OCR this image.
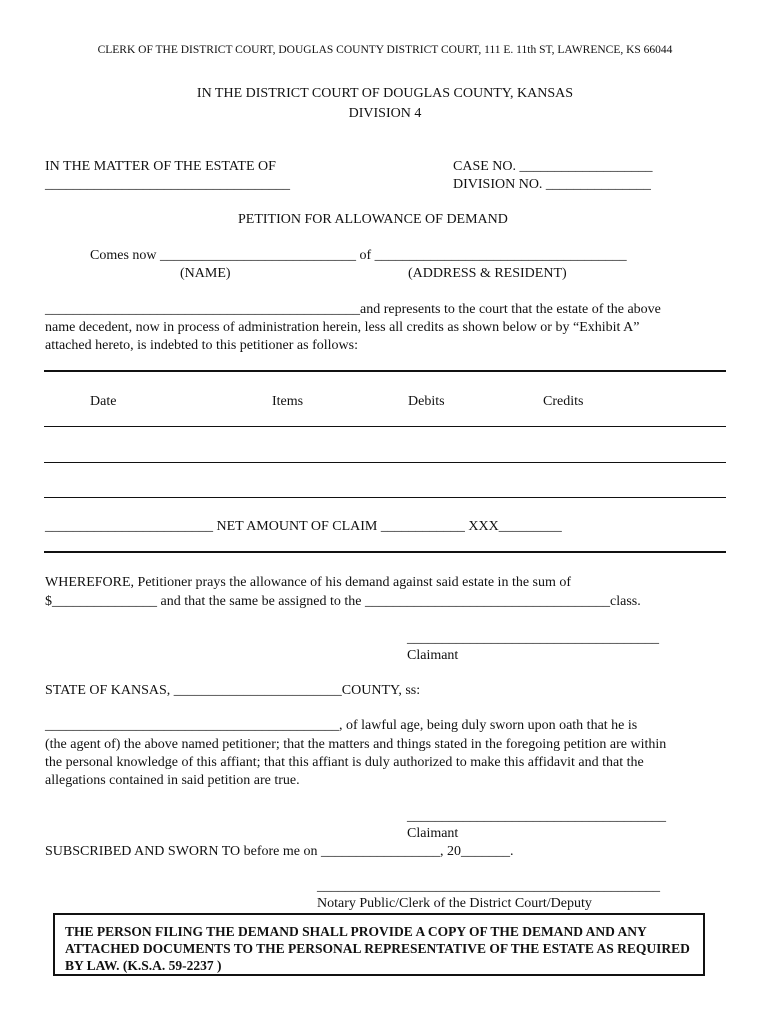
CLERK OF THE DISTRICT COURT, DOUGLAS COUNTY DISTRICT COURT, 111 E. 11th ST, LAWRENCE, KS 66044
IN THE DISTRICT COURT OF DOUGLAS COUNTY, KANSAS
DIVISION 4
IN THE MATTER OF THE ESTATE OF
___________________________________
CASE NO. ___________________
DIVISION NO. _______________
PETITION FOR ALLOWANCE OF DEMAND
Comes now ____________________________ of ____________________________________
(NAME)	(ADDRESS & RESIDENT)
_____________________________________________and represents to the court that the estate of the above
name decedent, now in process of administration herein, less all credits as shown below or by “Exhibit A”
attached hereto, is indebted to this petitioner as follows:
Date	Items	Debits	Credits
________________________ NET AMOUNT OF CLAIM ____________ XXX_________
WHEREFORE, Petitioner prays the allowance of his demand against said estate in the sum of
$_______________ and that the same be assigned to the ___________________________________class.
____________________________________
Claimant
STATE OF KANSAS, ________________________COUNTY, ss:
__________________________________________, of lawful age, being duly sworn upon oath that he is
(the agent of) the above named petitioner; that the matters and things stated in the foregoing petition are within
the personal knowledge of this affiant; that this affiant is duly authorized to make this affidavit and that the
allegations contained in said petition are true.
_____________________________________
Claimant
SUBSCRIBED AND SWORN TO before me on _________________, 20_______.
_________________________________________________
Notary Public/Clerk of the District Court/Deputy
THE PERSON FILING THE DEMAND SHALL PROVIDE A COPY OF THE DEMAND AND ANY ATTACHED DOCUMENTS TO THE PERSONAL REPRESENTATIVE OF THE ESTATE AS REQUIRED BY LAW. (K.S.A. 59-2237 )
